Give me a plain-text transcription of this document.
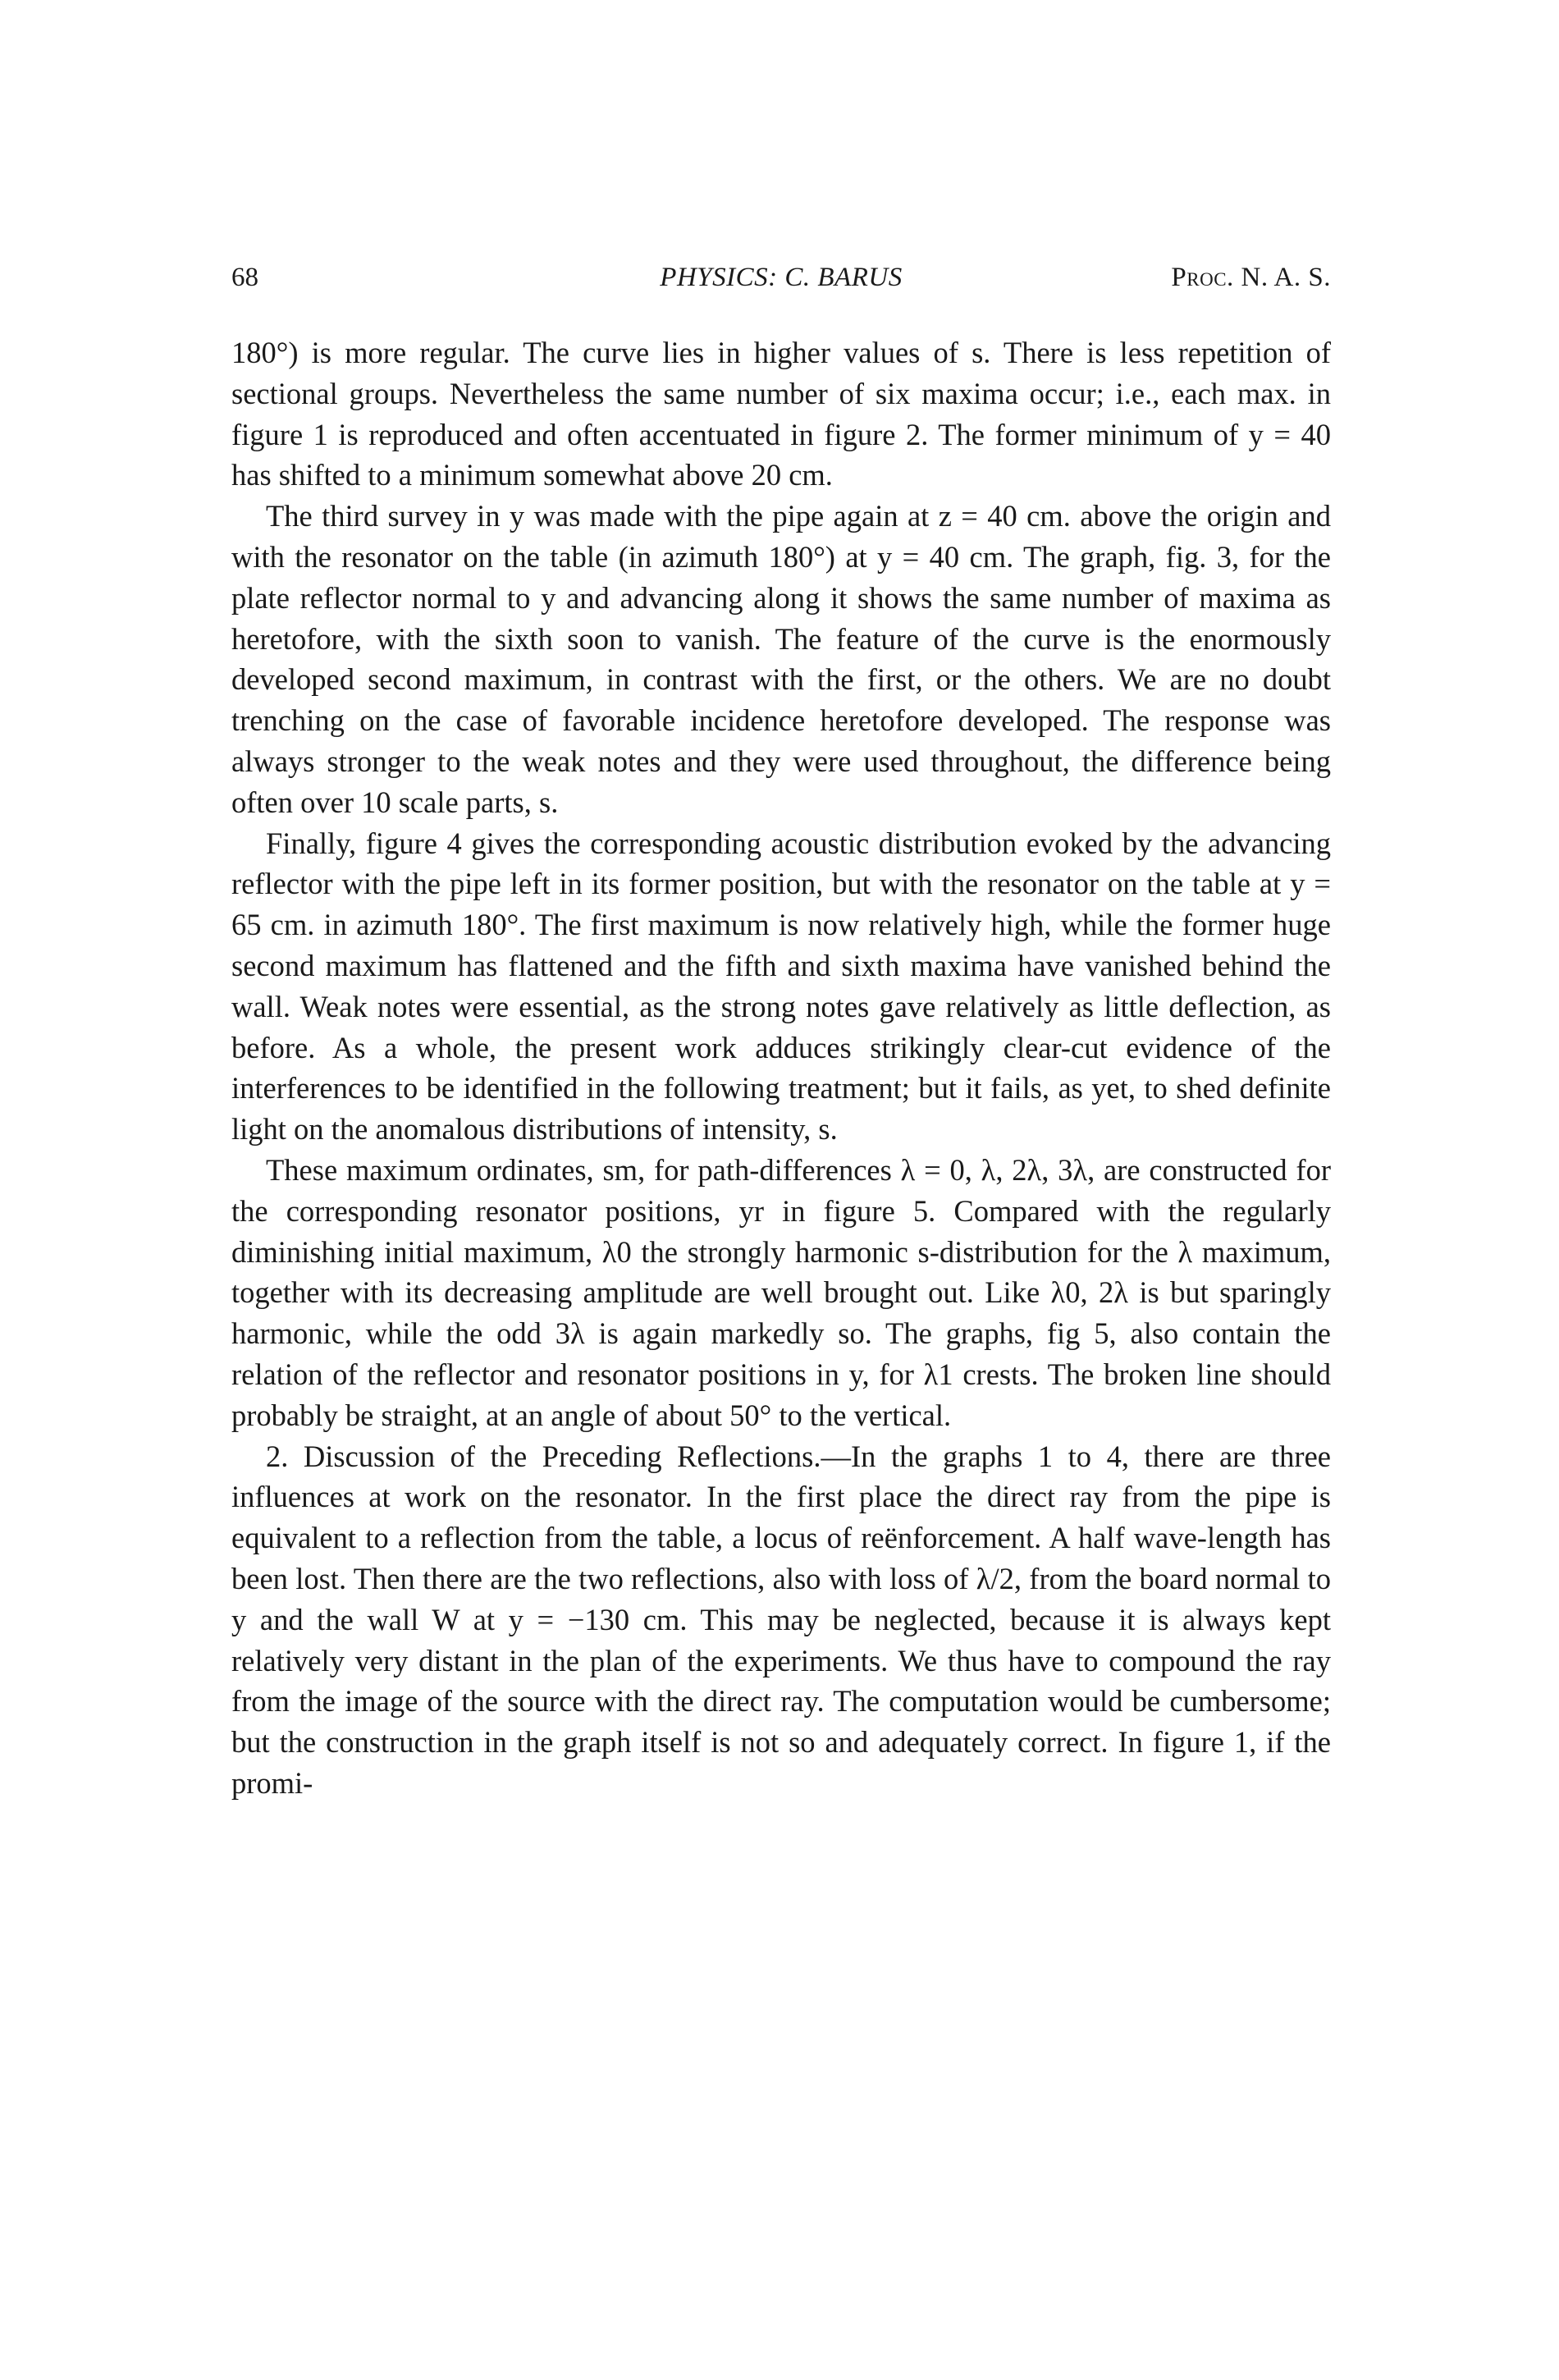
68	PHYSICS: C. BARUS	Proc. N. A. S.

180°) is more regular. The curve lies in higher values of s. There is less repetition of sectional groups. Nevertheless the same number of six maxima occur; i.e., each max. in figure 1 is reproduced and often accentuated in figure 2. The former minimum of y = 40 has shifted to a minimum somewhat above 20 cm.

The third survey in y was made with the pipe again at z = 40 cm. above the origin and with the resonator on the table (in azimuth 180°) at y = 40 cm. The graph, fig. 3, for the plate reflector normal to y and advancing along it shows the same number of maxima as heretofore, with the sixth soon to vanish. The feature of the curve is the enormously developed second maximum, in contrast with the first, or the others. We are no doubt trenching on the case of favorable incidence heretofore developed. The response was always stronger to the weak notes and they were used throughout, the difference being often over 10 scale parts, s.

Finally, figure 4 gives the corresponding acoustic distribution evoked by the advancing reflector with the pipe left in its former position, but with the resonator on the table at y = 65 cm. in azimuth 180°. The first maximum is now relatively high, while the former huge second maximum has flattened and the fifth and sixth maxima have vanished behind the wall. Weak notes were essential, as the strong notes gave relatively as little deflection, as before. As a whole, the present work adduces strikingly clear-cut evidence of the interferences to be identified in the following treatment; but it fails, as yet, to shed definite light on the anomalous distributions of intensity, s.

These maximum ordinates, sm, for path-differences λ = 0, λ, 2λ, 3λ, are constructed for the corresponding resonator positions, yr in figure 5. Compared with the regularly diminishing initial maximum, λ0 the strongly harmonic s-distribution for the λ maximum, together with its decreasing amplitude are well brought out. Like λ0, 2λ is but sparingly harmonic, while the odd 3λ is again markedly so. The graphs, fig 5, also contain the relation of the reflector and resonator positions in y, for λ1 crests. The broken line should probably be straight, at an angle of about 50° to the vertical.

2. Discussion of the Preceding Reflections.—In the graphs 1 to 4, there are three influences at work on the resonator. In the first place the direct ray from the pipe is equivalent to a reflection from the table, a locus of reënforcement. A half wave-length has been lost. Then there are the two reflections, also with loss of λ/2, from the board normal to y and the wall W at y = −130 cm. This may be neglected, because it is always kept relatively very distant in the plan of the experiments. We thus have to compound the ray from the image of the source with the direct ray. The computation would be cumbersome; but the construction in the graph itself is not so and adequately correct. In figure 1, if the promi-
